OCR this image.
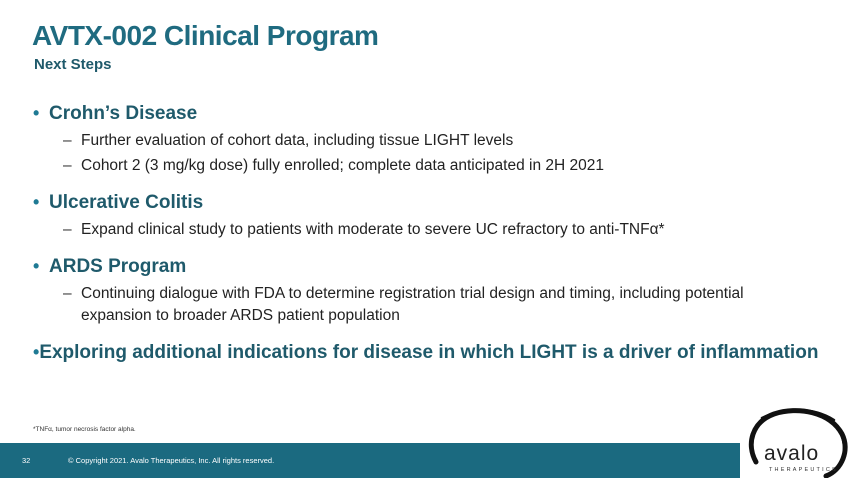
AVTX-002 Clinical Program
Next Steps
• Crohn’s Disease
– Further evaluation of cohort data, including tissue LIGHT levels
– Cohort 2 (3 mg/kg dose) fully enrolled; complete data anticipated in 2H 2021
• Ulcerative Colitis
– Expand clinical study to patients with moderate to severe UC refractory to anti-TNFα*
• ARDS Program
– Continuing dialogue with FDA to determine registration trial design and timing, including potential expansion to broader ARDS patient population
• Exploring additional indications for disease in which LIGHT is a driver of inflammation
*TNFα, tumor necrosis factor alpha.
32	© Copyright 2021. Avalo Therapeutics, Inc. All rights reserved.	avalo
THERAPEUTICS
